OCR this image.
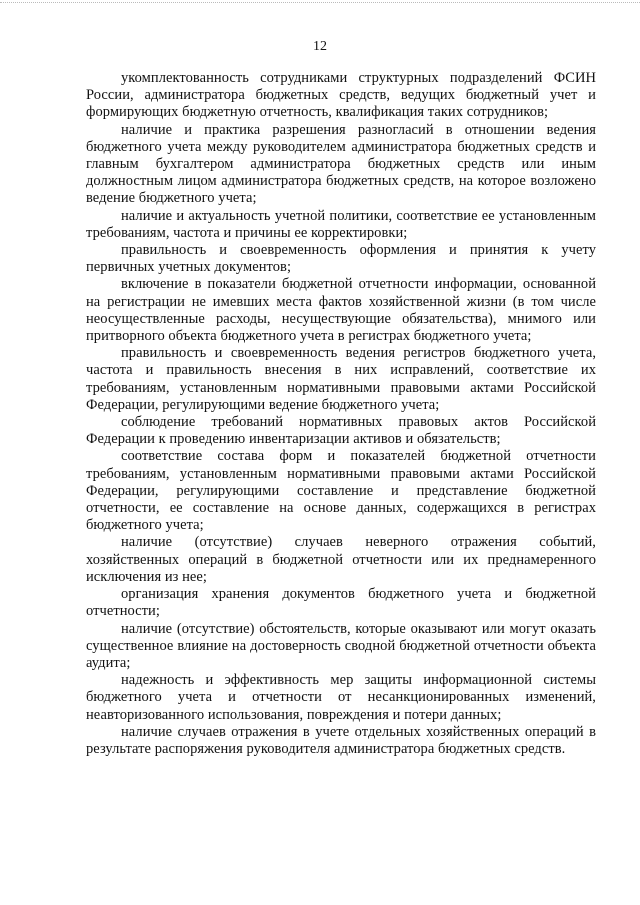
12

укомплектованность сотрудниками структурных подразделений ФСИН России, администратора бюджетных средств, ведущих бюджетный учет и формирующих бюджетную отчетность, квалификация таких сотрудников;

наличие и практика разрешения разногласий в отношении ведения бюджетного учета между руководителем администратора бюджетных средств и главным бухгалтером администратора бюджетных средств или иным должностным лицом администратора бюджетных средств, на которое возложено ведение бюджетного учета;

наличие и актуальность учетной политики, соответствие ее установленным требованиям, частота и причины ее корректировки;

правильность и своевременность оформления и принятия к учету первичных учетных документов;

включение в показатели бюджетной отчетности информации, основанной на регистрации не имевших места фактов хозяйственной жизни (в том числе неосуществленные расходы, несуществующие обязательства), мнимого или притворного объекта бюджетного учета в регистрах бюджетного учета;

правильность и своевременность ведения регистров бюджетного учета, частота и правильность внесения в них исправлений, соответствие их требованиям, установленным нормативными правовыми актами Российской Федерации, регулирующими ведение бюджетного учета;

соблюдение требований нормативных правовых актов Российской Федерации к проведению инвентаризации активов и обязательств;

соответствие состава форм и показателей бюджетной отчетности требованиям, установленным нормативными правовыми актами Российской Федерации, регулирующими составление и представление бюджетной отчетности, ее составление на основе данных, содержащихся в регистрах бюджетного учета;

наличие (отсутствие) случаев неверного отражения событий, хозяйственных операций в бюджетной отчетности или их преднамеренного исключения из нее;

организация хранения документов бюджетного учета и бюджетной отчетности;

наличие (отсутствие) обстоятельств, которые оказывают или могут оказать существенное влияние на достоверность сводной бюджетной отчетности объекта аудита;

надежность и эффективность мер защиты информационной системы бюджетного учета и отчетности от несанкционированных изменений, неавторизованного использования, повреждения и потери данных;

наличие случаев отражения в учете отдельных хозяйственных операций в результате распоряжения руководителя администратора бюджетных средств.
